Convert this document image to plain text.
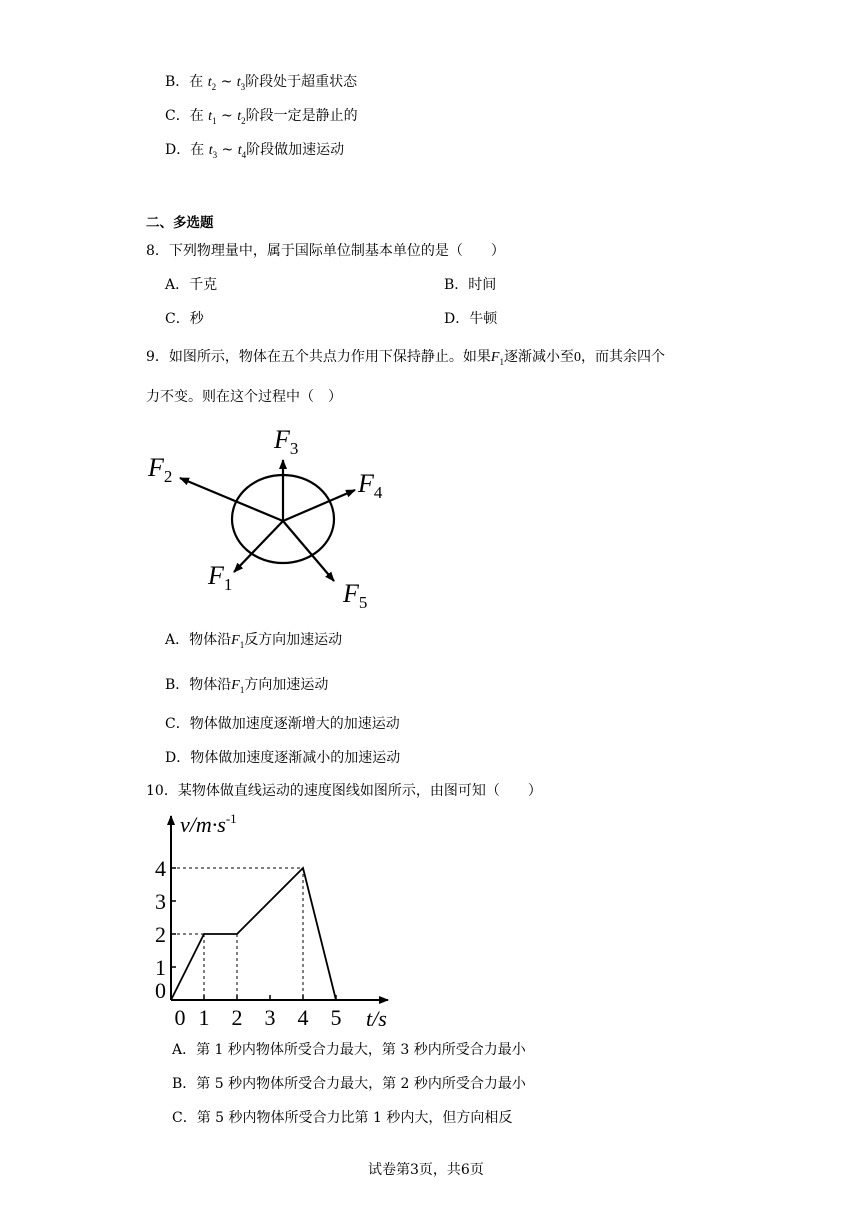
B．在 $t_2$ ~ $t_3$阶段处于超重状态
C．在 $t_1$ ~ $t_2$阶段一定是静止的
D．在 $t_3$ ~ $t_4$阶段做加速运动
二、多选题
8．下列物理量中，属于国际单位制基本单位的是（　　）
A．千克	B．时间
C．秒	D．牛顿
9．如图所示，物体在五个共点力作用下保持静止。如果$F_1$逐渐减小至0，而其余四个
力不变。则在这个过程中（　）
$F_2$
$F_3$
$F_4$
$F_1$	$F_5$
A．物体沿$F_1$反方向加速运动
B．物体沿$F_1$方向加速运动
C．物体做加速度逐渐增大的加速运动
D．物体做加速度逐渐减小的加速运动
10．某物体做直线运动的速度图线如图所示，由图可知（　　）
0
1
2
3
4
0 1 2 3 4 5
$v/m\cdot s^{-1}$
t/s
A．第 1 秒内物体所受合力最大，第 3 秒内所受合力最小
B．第 5 秒内物体所受合力最大，第 2 秒内所受合力最小
C．第 5 秒内物体所受合力比第 1 秒内大，但方向相反
试卷第3页，共6页
